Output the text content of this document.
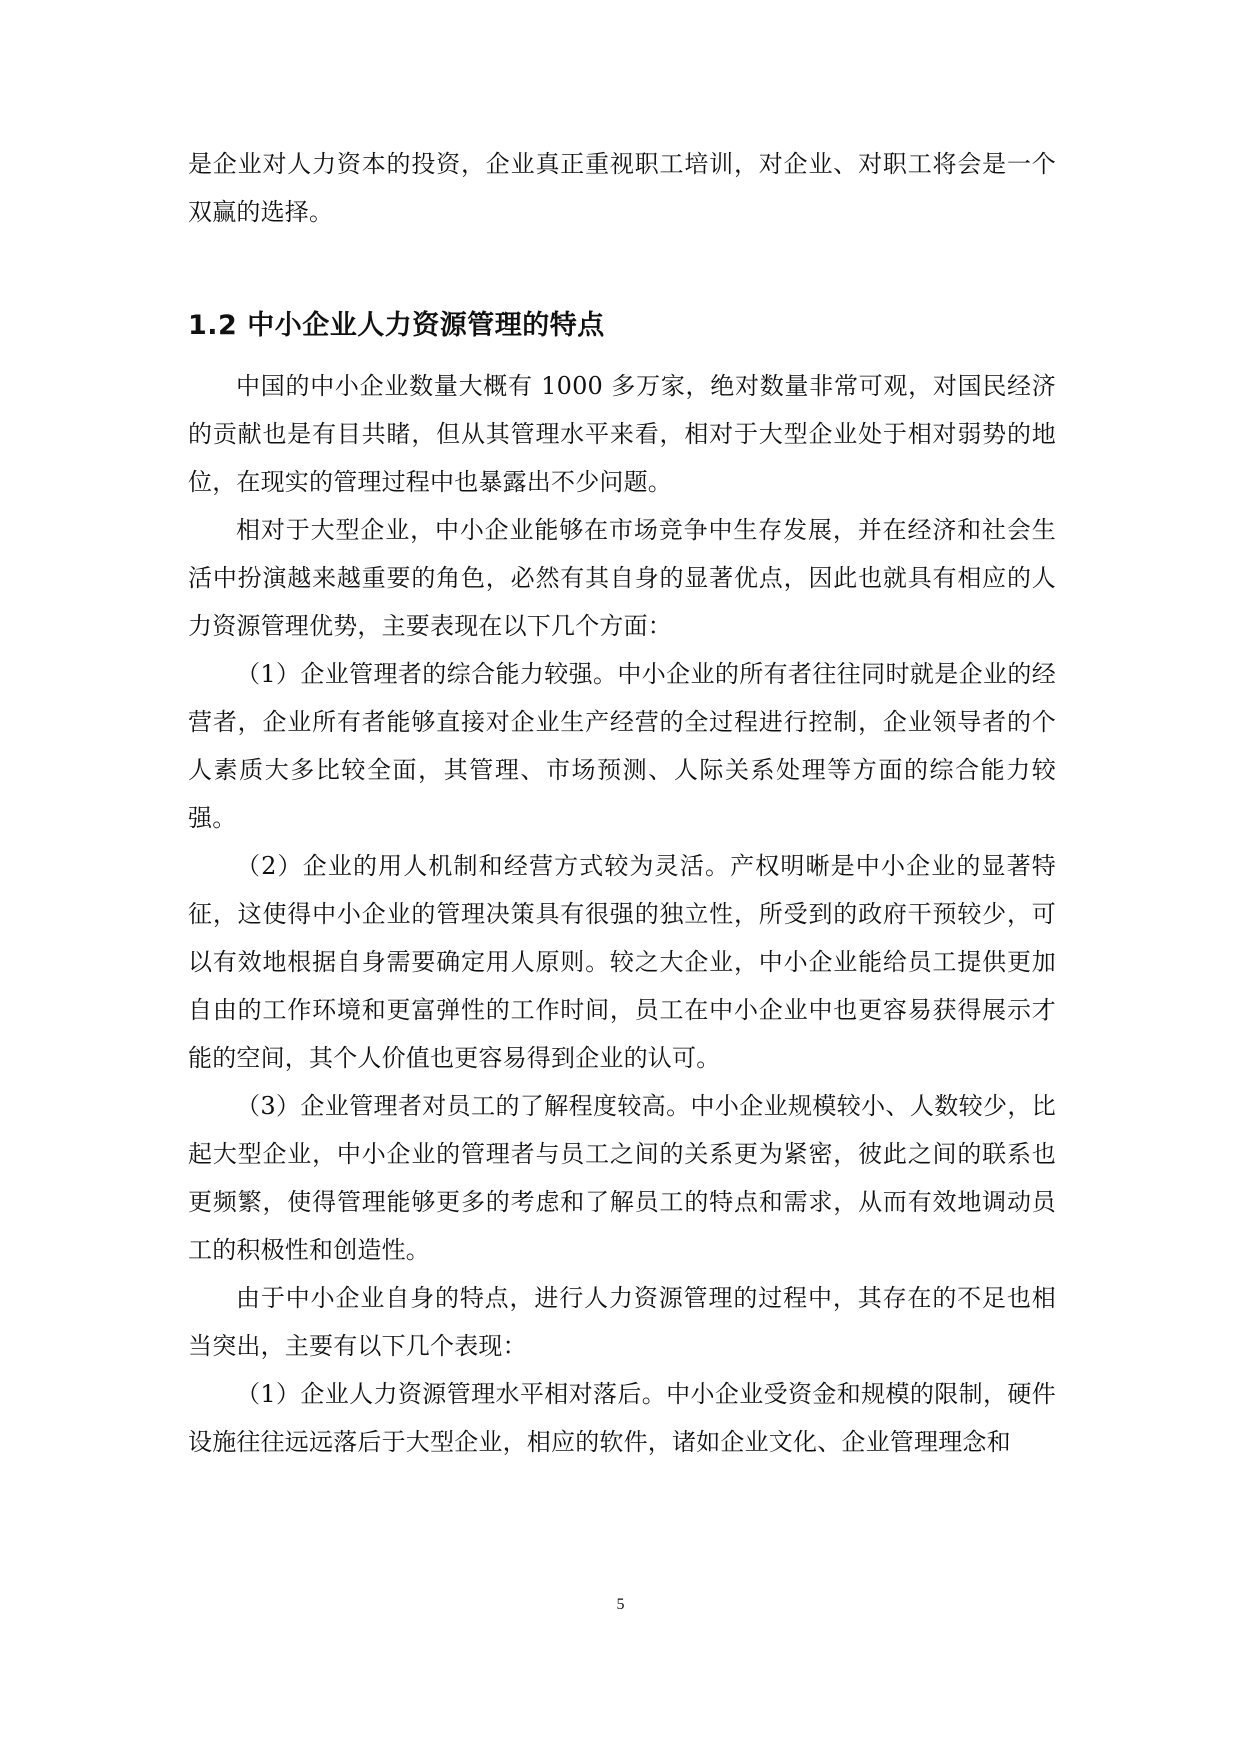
是企业对人力资本的投资，企业真正重视职工培训，对企业、对职工将会是一个双赢的选择。

1.2 中小企业人力资源管理的特点

中国的中小企业数量大概有 1000 多万家，绝对数量非常可观，对国民经济的贡献也是有目共睹，但从其管理水平来看，相对于大型企业处于相对弱势的地位，在现实的管理过程中也暴露出不少问题。

相对于大型企业，中小企业能够在市场竞争中生存发展，并在经济和社会生活中扮演越来越重要的角色，必然有其自身的显著优点，因此也就具有相应的人力资源管理优势，主要表现在以下几个方面：

（1）企业管理者的综合能力较强。中小企业的所有者往往同时就是企业的经营者，企业所有者能够直接对企业生产经营的全过程进行控制，企业领导者的个人素质大多比较全面，其管理、市场预测、人际关系处理等方面的综合能力较强。

（2）企业的用人机制和经营方式较为灵活。产权明晰是中小企业的显著特征，这使得中小企业的管理决策具有很强的独立性，所受到的政府干预较少，可以有效地根据自身需要确定用人原则。较之大企业，中小企业能给员工提供更加自由的工作环境和更富弹性的工作时间，员工在中小企业中也更容易获得展示才能的空间，其个人价值也更容易得到企业的认可。

（3）企业管理者对员工的了解程度较高。中小企业规模较小、人数较少，比起大型企业，中小企业的管理者与员工之间的关系更为紧密，彼此之间的联系也更频繁，使得管理能够更多的考虑和了解员工的特点和需求，从而有效地调动员工的积极性和创造性。

由于中小企业自身的特点，进行人力资源管理的过程中，其存在的不足也相当突出，主要有以下几个表现：

（1）企业人力资源管理水平相对落后。中小企业受资金和规模的限制，硬件设施往往远远落后于大型企业，相应的软件，诸如企业文化、企业管理理念和

5
